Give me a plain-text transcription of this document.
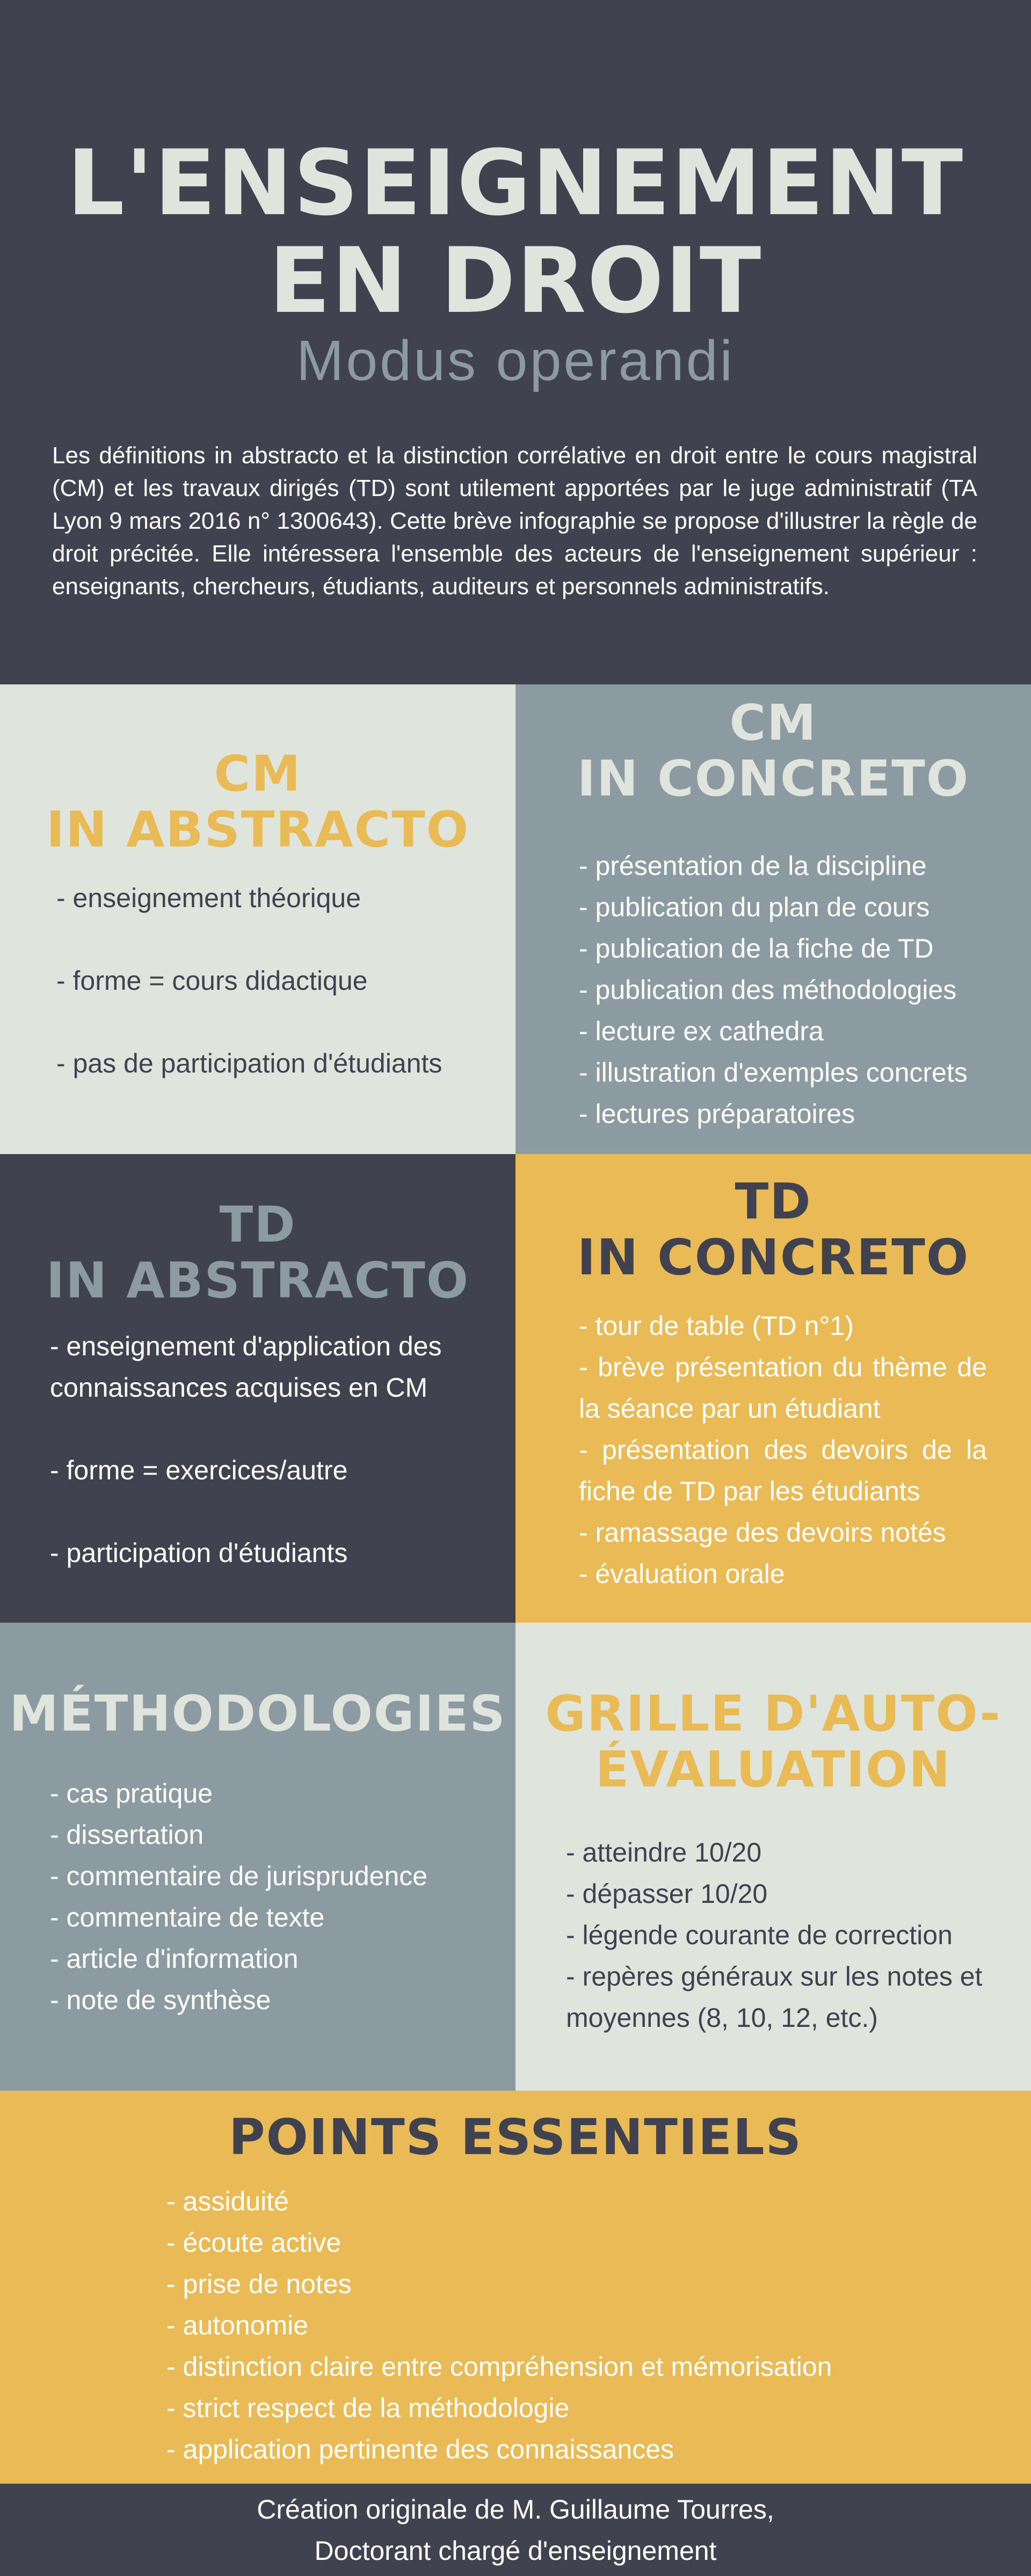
L'ENSEIGNEMENT
EN DROIT
Modus operandi

Les définitions in abstracto et la distinction corrélative en droit entre le cours magistral (CM) et les travaux dirigés (TD) sont utilement apportées par le juge administratif (TA Lyon 9 mars 2016 n° 1300643). Cette brève infographie se propose d'illustrer la règle de droit précitée. Elle intéressera l'ensemble des acteurs de l'enseignement supérieur : enseignants, chercheurs, étudiants, auditeurs et personnels administratifs.

CM
IN ABSTRACTO
- enseignement théorique
- forme = cours didactique
- pas de participation d'étudiants
CM
IN CONCRETO
- présentation de la discipline
- publication du plan de cours
- publication de la fiche de TD
- publication des méthodologies
- lecture ex cathedra
- illustration d'exemples concrets
- lectures préparatoires
TD
IN ABSTRACTO
- enseignement d'application des connaissances acquises en CM
- forme = exercices/autre
- participation d'étudiants
TD
IN CONCRETO
- tour de table (TD n°1)
- brève présentation du thème de la séance par un étudiant
- présentation des devoirs de la fiche de TD par les étudiants
- ramassage des devoirs notés
- évaluation orale
MÉTHODOLOGIES
- cas pratique
- dissertation
- commentaire de jurisprudence
- commentaire de texte
- article d'information
- note de synthèse
GRILLE D'AUTO-
ÉVALUATION
- atteindre 10/20
- dépasser 10/20
- légende courante de correction
- repères généraux sur les notes et moyennes (8, 10, 12, etc.)
POINTS ESSENTIELS
- assiduité
- écoute active
- prise de notes
- autonomie
- distinction claire entre compréhension et mémorisation
- strict respect de la méthodologie
- application pertinente des connaissances
Création originale de M. Guillaume Tourres,
Doctorant chargé d'enseignement
